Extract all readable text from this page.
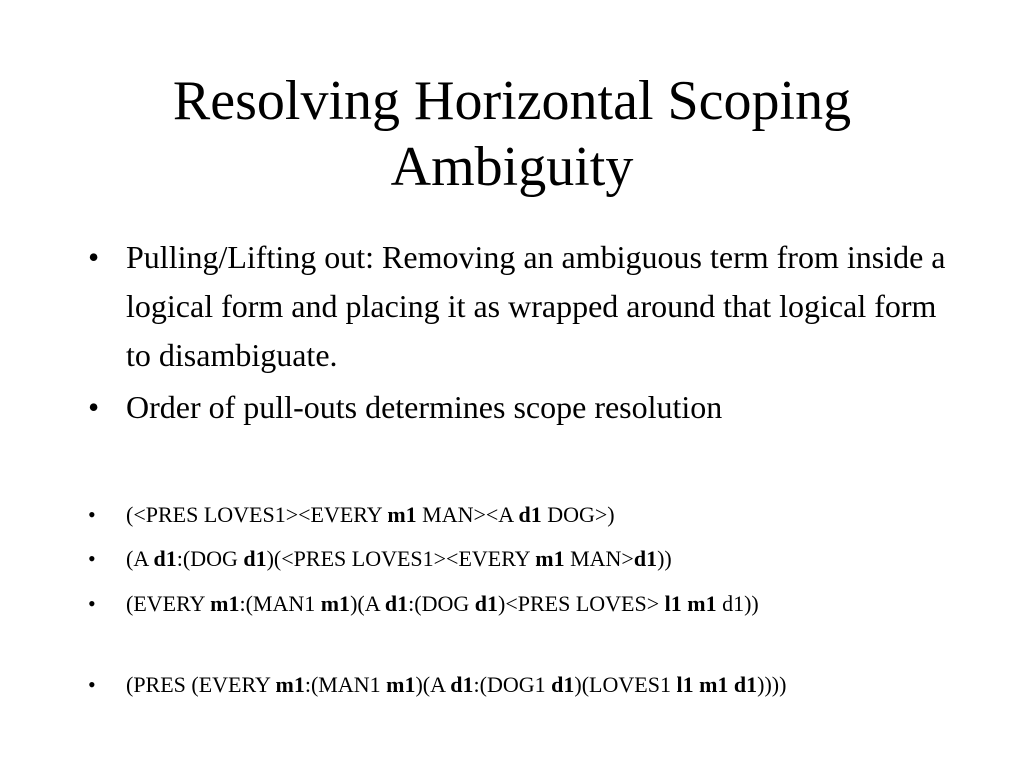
Resolving Horizontal Scoping
Ambiguity
• Pulling/Lifting out: Removing an ambiguous term from inside a logical form and placing it as wrapped around that logical form to disambiguate.
• Order of pull-outs determines scope resolution
•	(<PRES LOVES1><EVERY m1 MAN><A d1 DOG>)
•	(A d1:(DOG d1)(<PRES LOVES1><EVERY m1 MAN>d1))
•	(EVERY m1:(MAN1 m1)(A d1:(DOG d1)<PRES LOVES> l1 m1 d1))
•	(PRES (EVERY m1:(MAN1 m1)(A d1:(DOG1 d1)(LOVES1 l1 m1 d1))))
